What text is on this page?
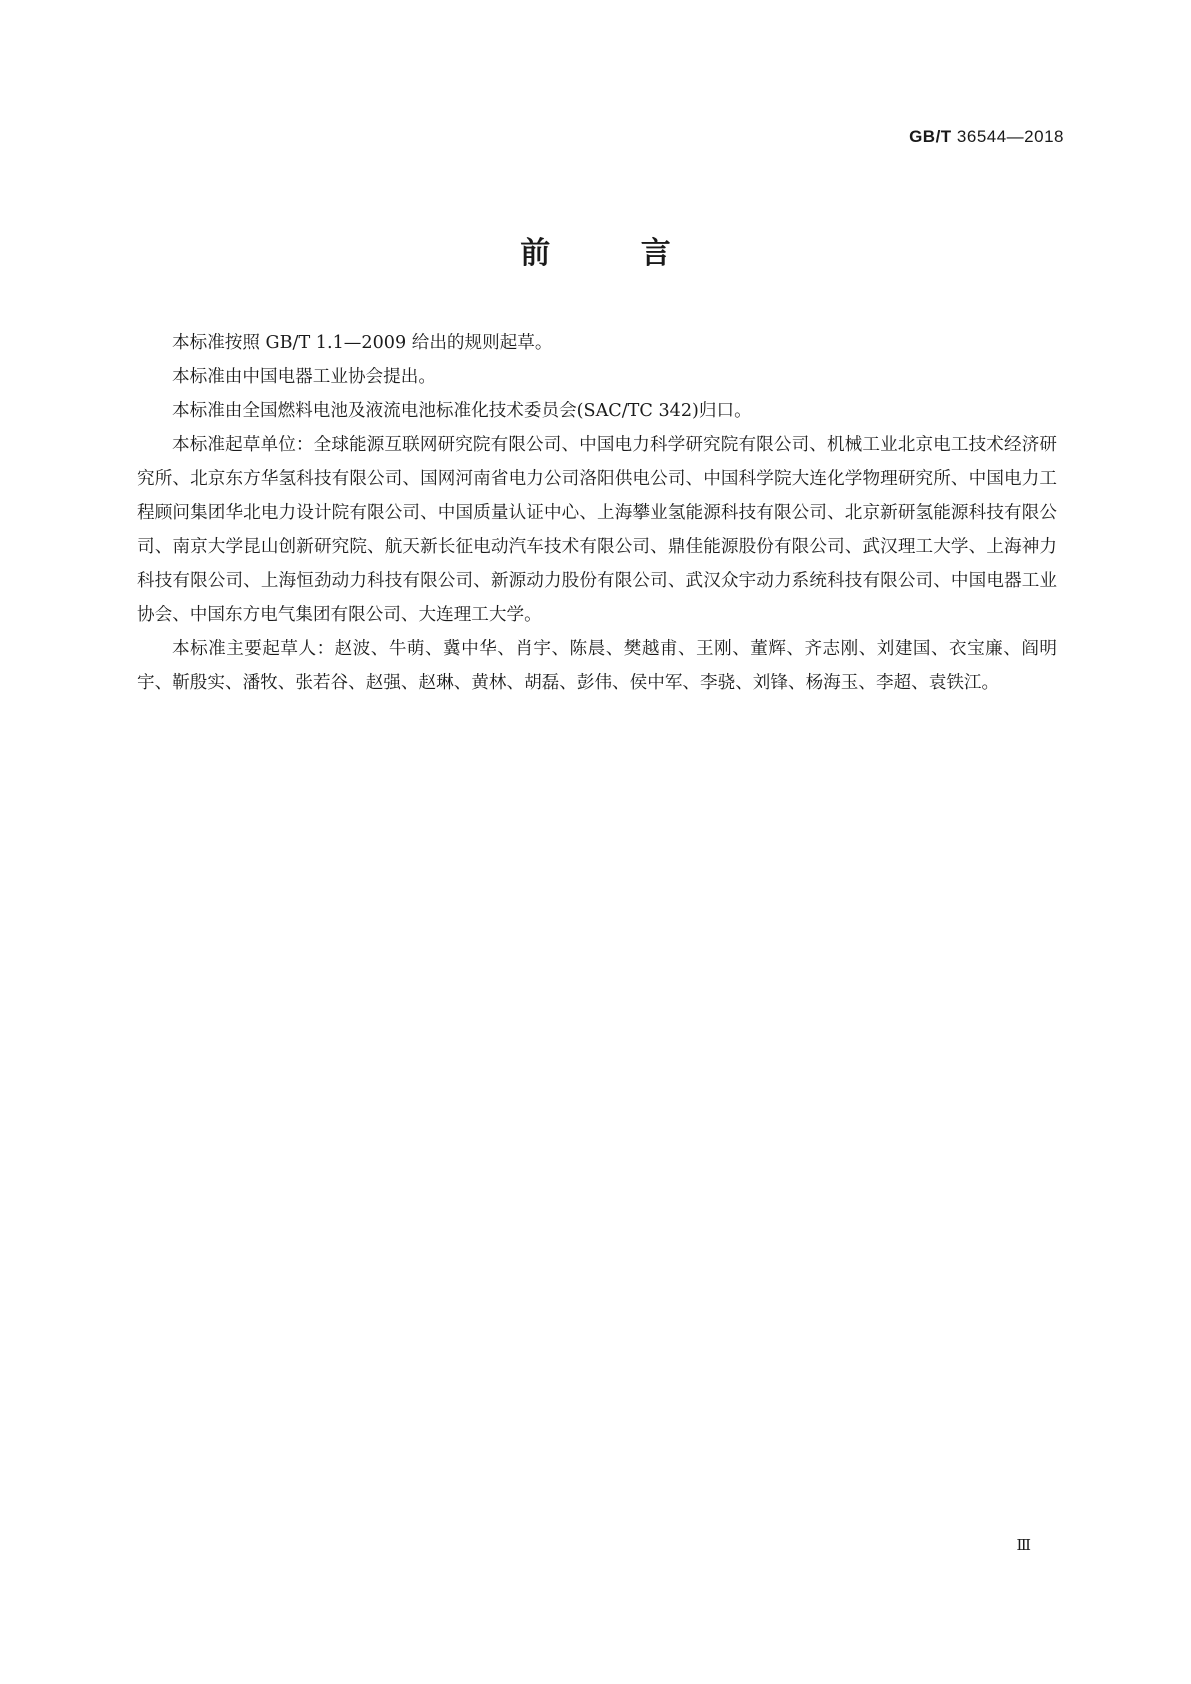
GB/T 36544—2018
前 言

本标准按照 GB/T 1.1—2009 给出的规则起草。

本标准由中国电器工业协会提出。

本标准由全国燃料电池及液流电池标准化技术委员会(SAC/TC 342)归口。

本标准起草单位：全球能源互联网研究院有限公司、中国电力科学研究院有限公司、机械工业北京电工技术经济研究所、北京东方华氢科技有限公司、国网河南省电力公司洛阳供电公司、中国科学院大连化学物理研究所、中国电力工程顾问集团华北电力设计院有限公司、中国质量认证中心、上海攀业氢能源科技有限公司、北京新研氢能源科技有限公司、南京大学昆山创新研究院、航天新长征电动汽车技术有限公司、鼎佳能源股份有限公司、武汉理工大学、上海神力科技有限公司、上海恒劲动力科技有限公司、新源动力股份有限公司、武汉众宇动力系统科技有限公司、中国电器工业协会、中国东方电气集团有限公司、大连理工大学。

本标准主要起草人：赵波、牛萌、冀中华、肖宇、陈晨、樊越甫、王刚、董辉、齐志刚、刘建国、衣宝廉、阎明宇、靳殷实、潘牧、张若谷、赵强、赵琳、黄林、胡磊、彭伟、侯中军、李骁、刘锋、杨海玉、李超、袁铁江。

Ⅲ
